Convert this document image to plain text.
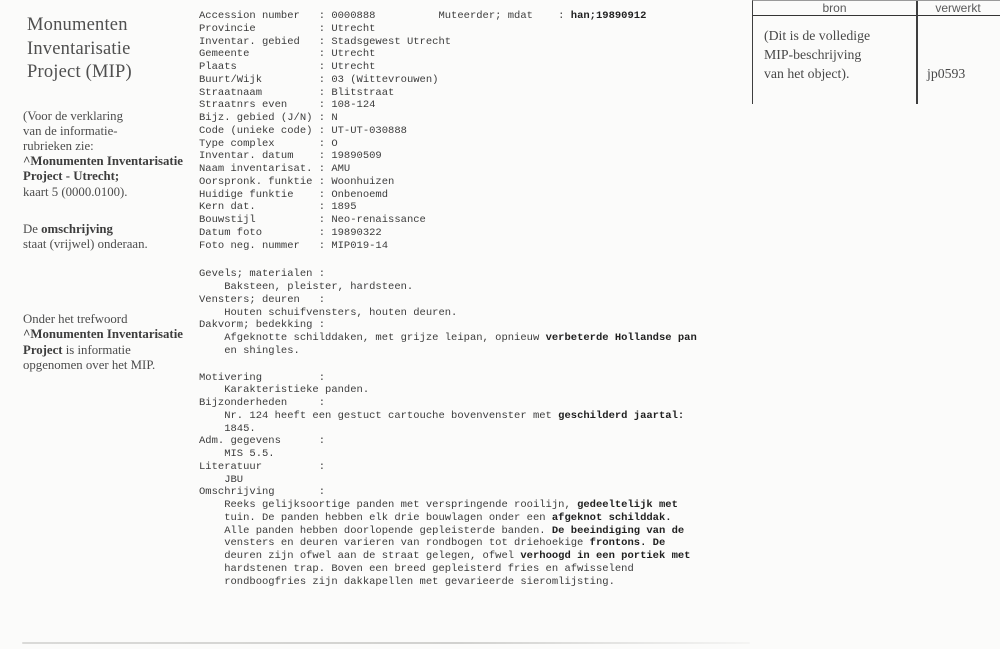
Monumenten
Inventarisatie
Project (MIP)
(Voor de verklaring
van de informatie-
rubrieken zie:
^Monumenten Inventarisatie
Project - Utrecht;
kaart 5 (0000.0100).
De omschrijving
staat (vrijwel) onderaan.
Onder het trefwoord
^Monumenten Inventarisatie
Project is informatie
opgenomen over het MIP.
Accession number	: 0000888	Muteerder; mdat	: han;19890912
Provincie	: Utrecht
Inventar. gebied	: Stadsgewest Utrecht
Gemeente	: Utrecht
Plaats	: Utrecht
Buurt/Wijk	: 03 (Wittevrouwen)
Straatnaam	: Blitstraat
Straatnrs even	: 108-124
Bijz. gebied (J/N) : N
Code (unieke code) : UT-UT-030888
Type complex	: O
Inventar. datum	: 19890509
Naam inventarisat. : AMU
Oorspronk. funktie : Woonhuizen
Huidige funktie	: Onbenoemd
Kern dat.	: 1895
Bouwstijl	: Neo-renaissance
Datum foto	: 19890322
Foto neg. nummer	: MIP019-14
Gevels; materialen :
Baksteen, pleister, hardsteen.
Vensters; deuren	:
Houten schuifvensters, houten deuren.
Dakvorm; bedekking :
Afgeknotte schilddaken, met grijze leipan, opnieuw verbeterde Hollandse pan
en shingles.
Motivering	:
Karakteristieke panden.
Bijzonderheden	:
Nr. 124 heeft een gestuct cartouche bovenvenster met geschilderd jaartal:
1845.
Adm. gegevens	:
MIS 5.5.
Literatuur	:
JBU
Omschrijving	:
Reeks gelijksoortige panden met verspringende rooilijn, gedeeltelijk met
tuin. De panden hebben elk drie bouwlagen onder een afgeknot schilddak.
Alle panden hebben doorlopende gepleisterde banden. De beeindiging van de
vensters en deuren varieren van rondbogen tot driehoekige frontons. De
deuren zijn ofwel aan de straat gelegen, ofwel verhoogd in een portiek met
hardstenen trap. Boven een breed gepleisterd fries en afwisselend
rondboogfries zijn dakkapellen met gevarieerde sieromlijsting.
bron	verwerkt
(Dit is de volledige
MIP-beschrijving
van het object).	jp0593
